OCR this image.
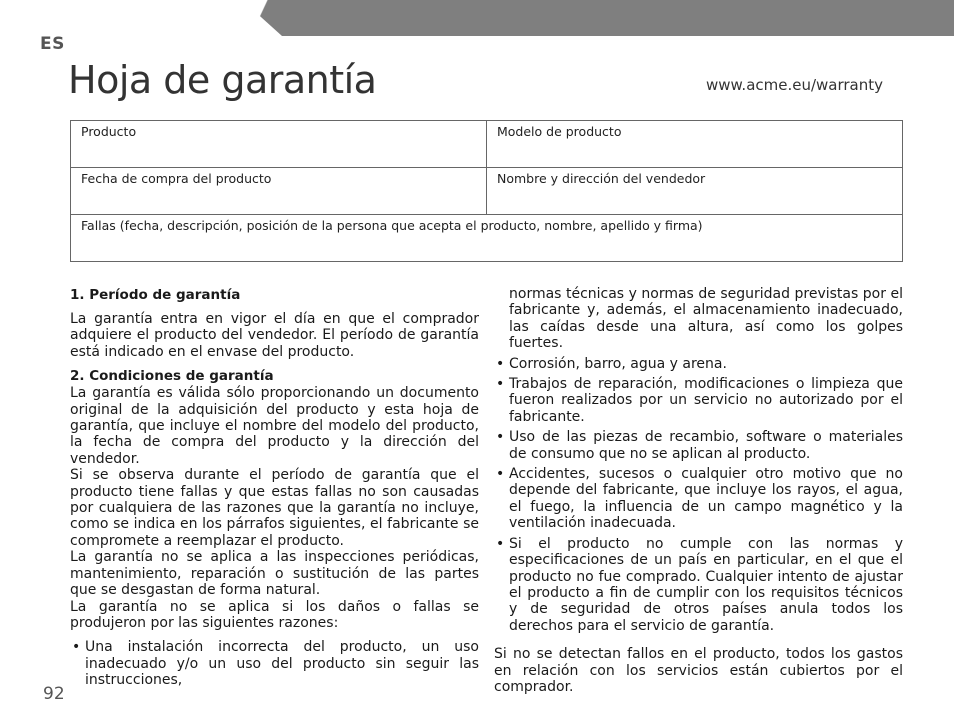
ES
Hoja de garantía	www.acme.eu/warranty
Producto	Modelo de producto
Fecha de compra del producto	Nombre y dirección del vendedor
Fallas (fecha, descripción, posición de la persona que acepta el producto, nombre, apellido y firma)
1. Período de garantía

La garantía entra en vigor el día en que el comprador adquiere el producto del vendedor. El período de garantía está indicado en el envase del producto.

2. Condiciones de garantía

La garantía es válida sólo proporcionando un documento original de la adquisición del producto y esta hoja de garantía, que incluye el nombre del modelo del producto, la fecha de compra del producto y la dirección del vendedor.

Si se observa durante el período de garantía que el producto tiene fallas y que estas fallas no son causadas por cualquiera de las razones que la garantía no incluye, como se indica en los párrafos siguientes, el fabricante se compromete a reemplazar el producto.

La garantía no se aplica a las inspecciones periódicas, mantenimiento, reparación o sustitución de las partes que se desgastan de forma natural.

La garantía no se aplica si los daños o fallas se produjeron por las siguientes razones:

• Una instalación incorrecta del producto, un uso inadecuado y/o un uso del producto sin seguir las instrucciones,
normas técnicas y normas de seguridad previstas por el fabricante y, además, el almacenamiento inadecuado, las caídas desde una altura, así como los golpes fuertes.
• Corrosión, barro, agua y arena.
• Trabajos de reparación, modificaciones o limpieza que fueron realizados por un servicio no autorizado por el fabricante.
• Uso de las piezas de recambio, software o materiales de consumo que no se aplican al producto.
• Accidentes, sucesos o cualquier otro motivo que no depende del fabricante, que incluye los rayos, el agua, el fuego, la influencia de un campo magnético y la ventilación inadecuada.
• Si el producto no cumple con las normas y especificaciones de un país en particular, en el que el producto no fue comprado. Cualquier intento de ajustar el producto a fin de cumplir con los requisitos técnicos y de seguridad de otros países anula todos los derechos para el servicio de garantía.

Si no se detectan fallos en el producto, todos los gastos en relación con los servicios están cubiertos por el comprador.

92
